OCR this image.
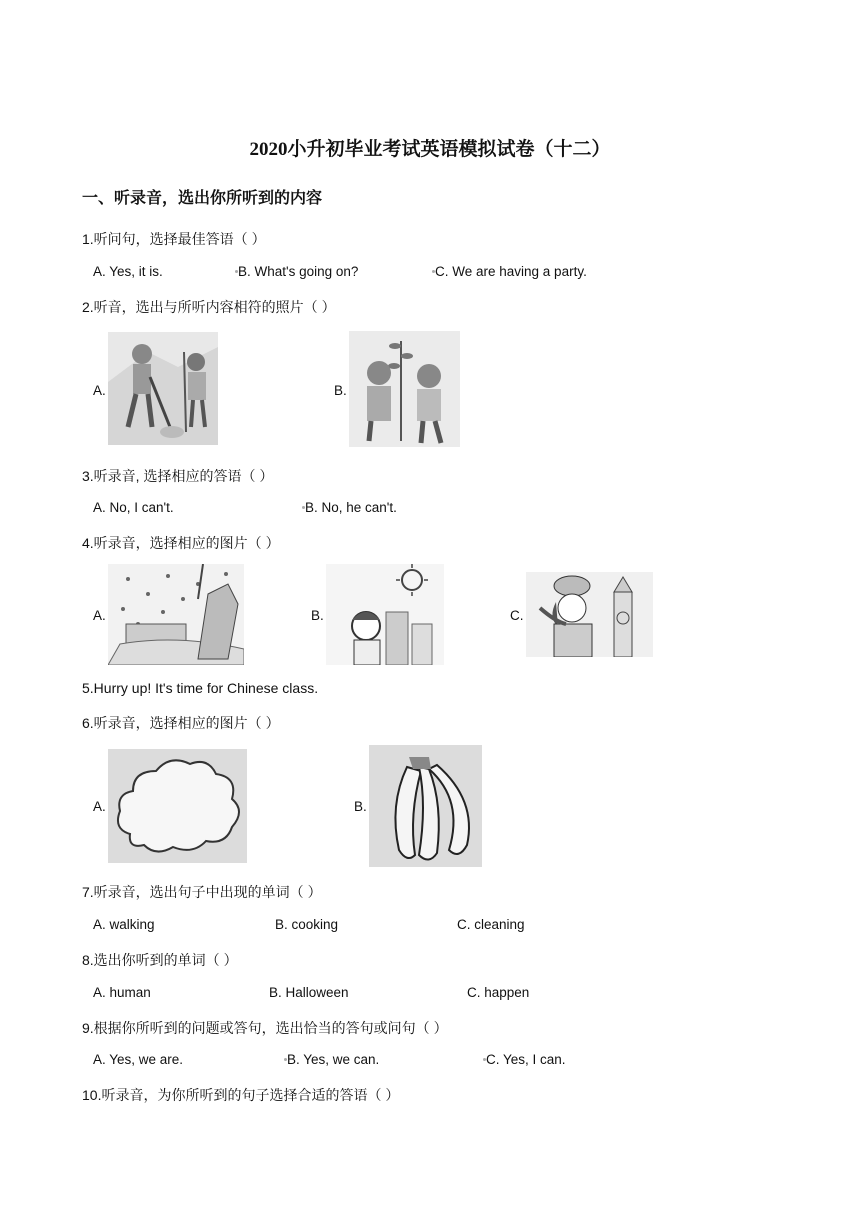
2020小升初毕业考试英语模拟试卷（十二）
一、听录音，选出你所听到的内容
1.听问句，选择最佳答语（ ）
A. Yes, it is.	B. What's going on?	C. We are having a party.
2.听音，选出与所听内容相符的照片（ ）
A.	B.
3.听录音, 选择相应的答语（ ）
A. No, I can't.	B. No, he can't.
4.听录音，选择相应的图片（ ）
A.	B.	C.
5.Hurry up! It's time for Chinese class.
6.听录音，选择相应的图片（ ）
A.	B.
7.听录音，选出句子中出现的单词（ ）
A. walking	B. cooking	C. cleaning
8.选出你听到的单词（ ）
A. human	B. Halloween	C. happen
9.根据你所听到的问题或答句，选出恰当的答句或问句（ ）
A. Yes, we are.	B. Yes, we can.	C. Yes, I can.
10.听录音，为你所听到的句子选择合适的答语（ ）
